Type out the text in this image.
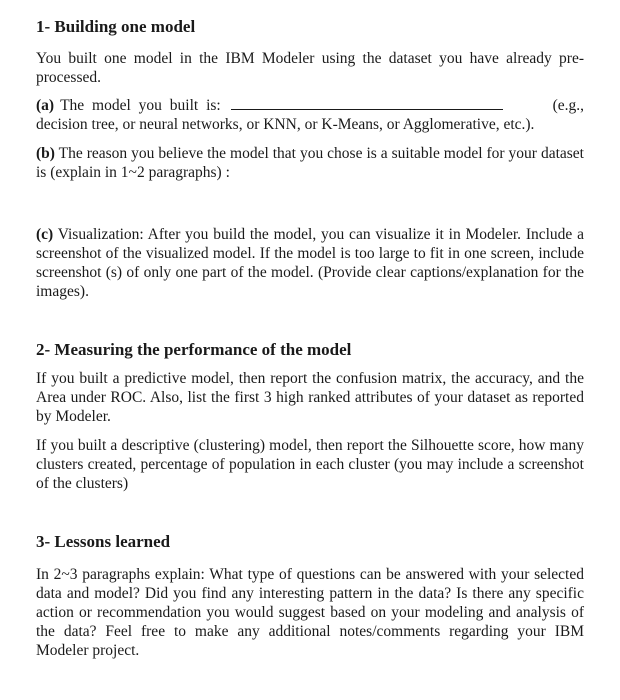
1- Building one model

You built one model in the IBM Modeler using the dataset you have already pre-processed.

(a) The model you built is:	(e.g.,

decision tree, or neural networks, or KNN, or K-Means, or Agglomerative, etc.).

(b) The reason you believe the model that you chose is a suitable model for your dataset is (explain in 1~2 paragraphs) :

(c) Visualization: After you build the model, you can visualize it in Modeler. Include a screenshot of the visualized model. If the model is too large to fit in one screen, include screenshot (s) of only one part of the model. (Provide clear captions/explanation for the images).

2- Measuring the performance of the model

If you built a predictive model, then report the confusion matrix, the accuracy, and the Area under ROC. Also, list the first 3 high ranked attributes of your dataset as reported by Modeler.

If you built a descriptive (clustering) model, then report the Silhouette score, how many clusters created, percentage of population in each cluster (you may include a screenshot of the clusters)

3- Lessons learned

In 2~3 paragraphs explain: What type of questions can be answered with your selected data and model? Did you find any interesting pattern in the data? Is there any specific action or recommendation you would suggest based on your modeling and analysis of the data? Feel free to make any additional notes/comments regarding your IBM Modeler project.
